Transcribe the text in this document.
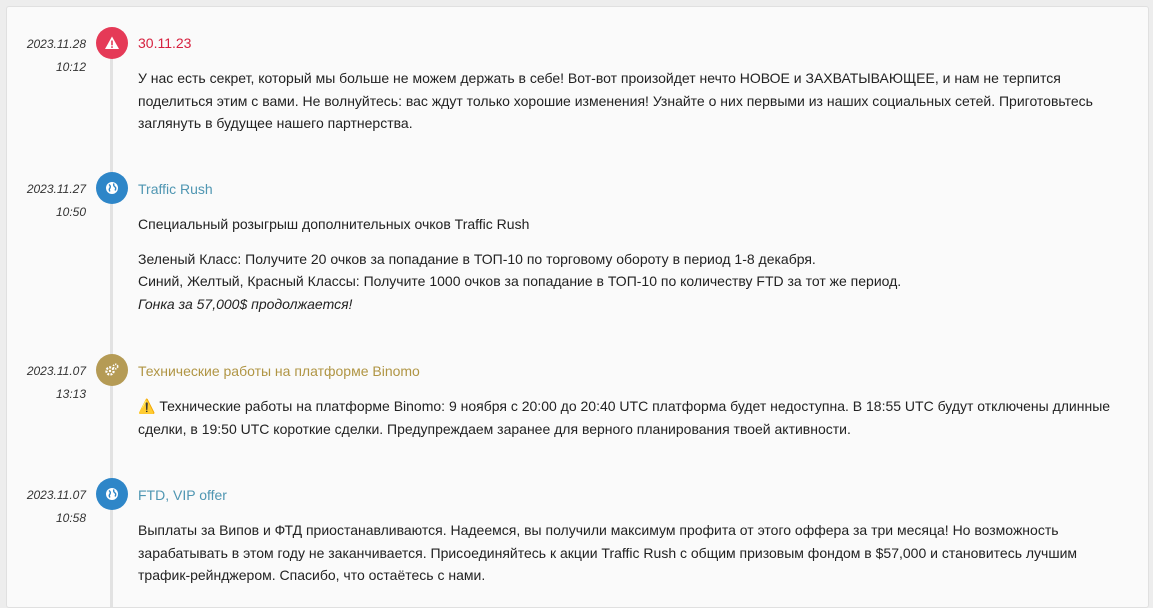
2023.11.28
10:12
30.11.23

У нас есть секрет, который мы больше не можем держать в себе! Вот-вот произойдет нечто НОВОЕ и ЗАХВАТЫВАЮЩЕЕ, и нам не терпится поделиться этим с вами. Не волнуйтесь: вас ждут только хорошие изменения! Узнайте о них первыми из наших социальных сетей. Приготовьтесь заглянуть в будущее нашего партнерства.

2023.11.27
10:50
Traffic Rush

Специальный розыгрыш дополнительных очков Traffic Rush

Зеленый Класс: Получите 20 очков за попадание в ТОП-10 по торговому обороту в период 1-8 декабря.

Синий, Желтый, Красный Классы: Получите 1000 очков за попадание в ТОП-10 по количеству FTD за тот же период.

Гонка за 57,000$ продолжается!

2023.11.07
13:13
Технические работы на платформе Binomo

⚠️ Технические работы на платформе Binomo: 9 ноября с 20:00 до 20:40 UTC платформа будет недоступна. В 18:55 UTC будут отключены длинные сделки, в 19:50 UTC короткие сделки. Предупреждаем заранее для верного планирования твоей активности.

2023.11.07
10:58
FTD, VIP offer

Выплаты за Випов и ФТД приостанавливаются. Надеемся, вы получили максимум профита от этого оффера за три месяца! Но возможность зарабатывать в этом году не заканчивается. Присоединяйтесь к акции Traffic Rush с общим призовым фондом в $57,000 и становитесь лучшим трафик-рейнджером. Спасибо, что остаётесь с нами.
